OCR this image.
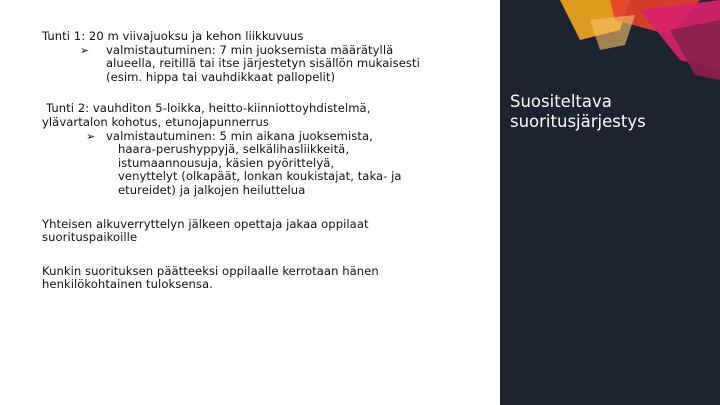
Tunti 1: 20 m viivajuoksu ja kehon liikkuvuus
➢ valmistautuminen: 7 min juoksemista määrätyllä
alueella, reitillä tai itse järjestetyn sisällön mukaisesti
(esim. hippa tai vauhdikkaat pallopelit)
Tunti 2: vauhditon 5-loikka, heitto-kiinniottoyhdistelmä,
ylävartalon kohotus, etunojapunnerrus
➢ valmistautuminen: 5 min aikana juoksemista,
haara-perushyppyjä, selkälihasliikkeitä,
istumaannousuja, käsien pyörittelyä,
venyttelyt (olkapäät, lonkan koukistajat, taka- ja
etureidet) ja jalkojen heiluttelua
Yhteisen alkuverryttelyn jälkeen opettaja jakaa oppilaat
suorituspaikoille
Kunkin suorituksen päätteeksi oppilaalle kerrotaan hänen
henkilökohtainen tuloksensa.
Suositeltava
suoritusjärjestys
